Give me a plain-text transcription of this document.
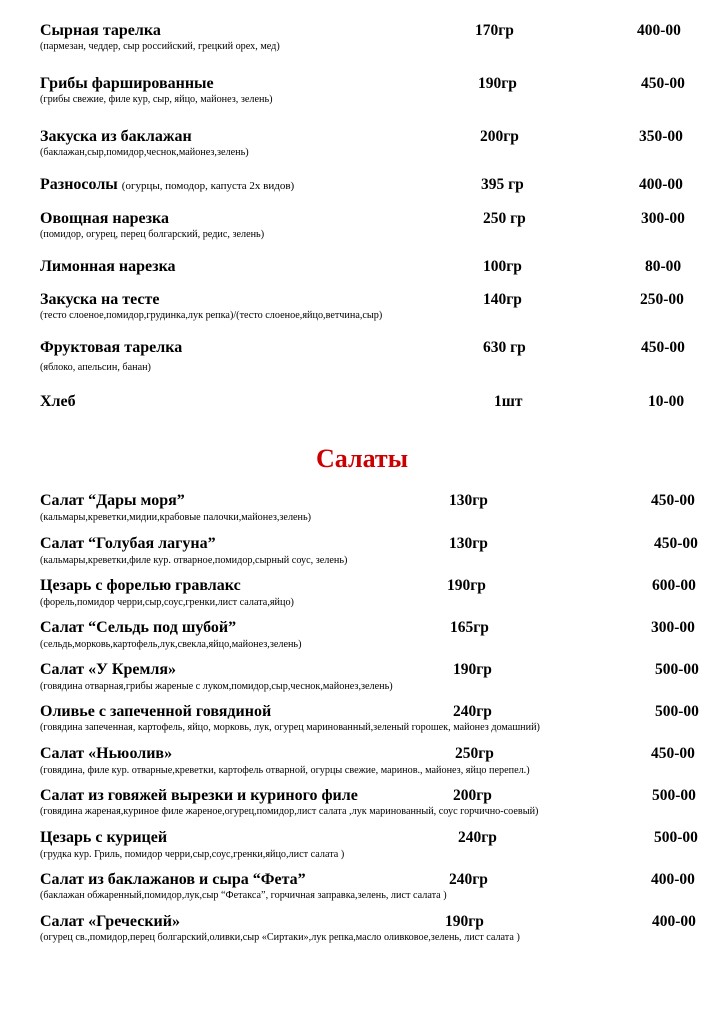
Сырная тарелка	170гр	400-00
(пармезан, чеддер, сыр российский, грецкий орех, мед)
Грибы фаршированные	190гр	450-00
(грибы свежие, филе кур, сыр, яйцо, майонез, зелень)
Закуска из баклажан	200гр	350-00
(баклажан,сыр,помидор,чеснок,майонез,зелень)
Разносолы (огурцы, помодор, капуста 2х видов)	395 гр	400-00
Овощная нарезка	250 гр	300-00
(помидор, огурец, перец болгарский, редис, зелень)
Лимонная нарезка	100гр	80-00
Закуска на тесте	140гр	250-00
(тесто слоеное,помидор,грудинка,лук репка)/(тесто слоеное,яйцо,ветчина,сыр)
Фруктовая тарелка	630 гр	450-00
(яблоко, апельсин, банан)
Хлеб	1шт	10-00
Салаты
Салат “Дары моря”	130гр	450-00
(кальмары,креветки,мидии,крабовые палочки,майонез,зелень)
Салат “Голубая лагуна”	130гр	450-00
(кальмары,креветки,филе кур. отварное,помидор,сырный соус, зелень)
Цезарь с форелью гравлакс	190гр	600-00
(форель,помидор черри,сыр,соус,гренки,лист салата,яйцо)
Салат “Сельдь под шубой”	165гр	300-00
(сельдь,морковь,картофель,лук,свекла,яйцо,майонез,зелень)
Салат «У Кремля»	190гр	500-00
(говядина отварная,грибы жареные с луком,помидор,сыр,чеснок,майонез,зелень)
Оливье с запеченной говядиной	240гр	500-00
(говядина запеченная, картофель, яйцо, морковь, лук, огурец маринованный,зеленый горошек, майонез домашний)
Салат «Ньюолив»	250гр	450-00
(говядина, филе кур. отварные,креветки, картофель отварной, огурцы свежие, маринов., майонез, яйцо перепел.)
Салат из говяжей вырезки и куриного филе	200гр	500-00
(говядина жареная,куриное филе жареное,огурец,помидор,лист салата ,лук маринованный, соус горчично-соевый)
Цезарь с курицей	240гр	500-00
(грудка кур. Гриль, помидор черри,сыр,соус,гренки,яйцо,лист салата )
Салат из баклажанов и сыра “Фета”	240гр	400-00
(баклажан обжаренный,помидор,лук,сыр “Фетакса”, горчичная заправка,зелень, лист салата )
Салат «Греческий»	190гр	400-00
(огурец св.,помидор,перец болгарский,оливки,сыр «Сиртаки»,лук репка,масло оливковое,зелень, лист салата )
